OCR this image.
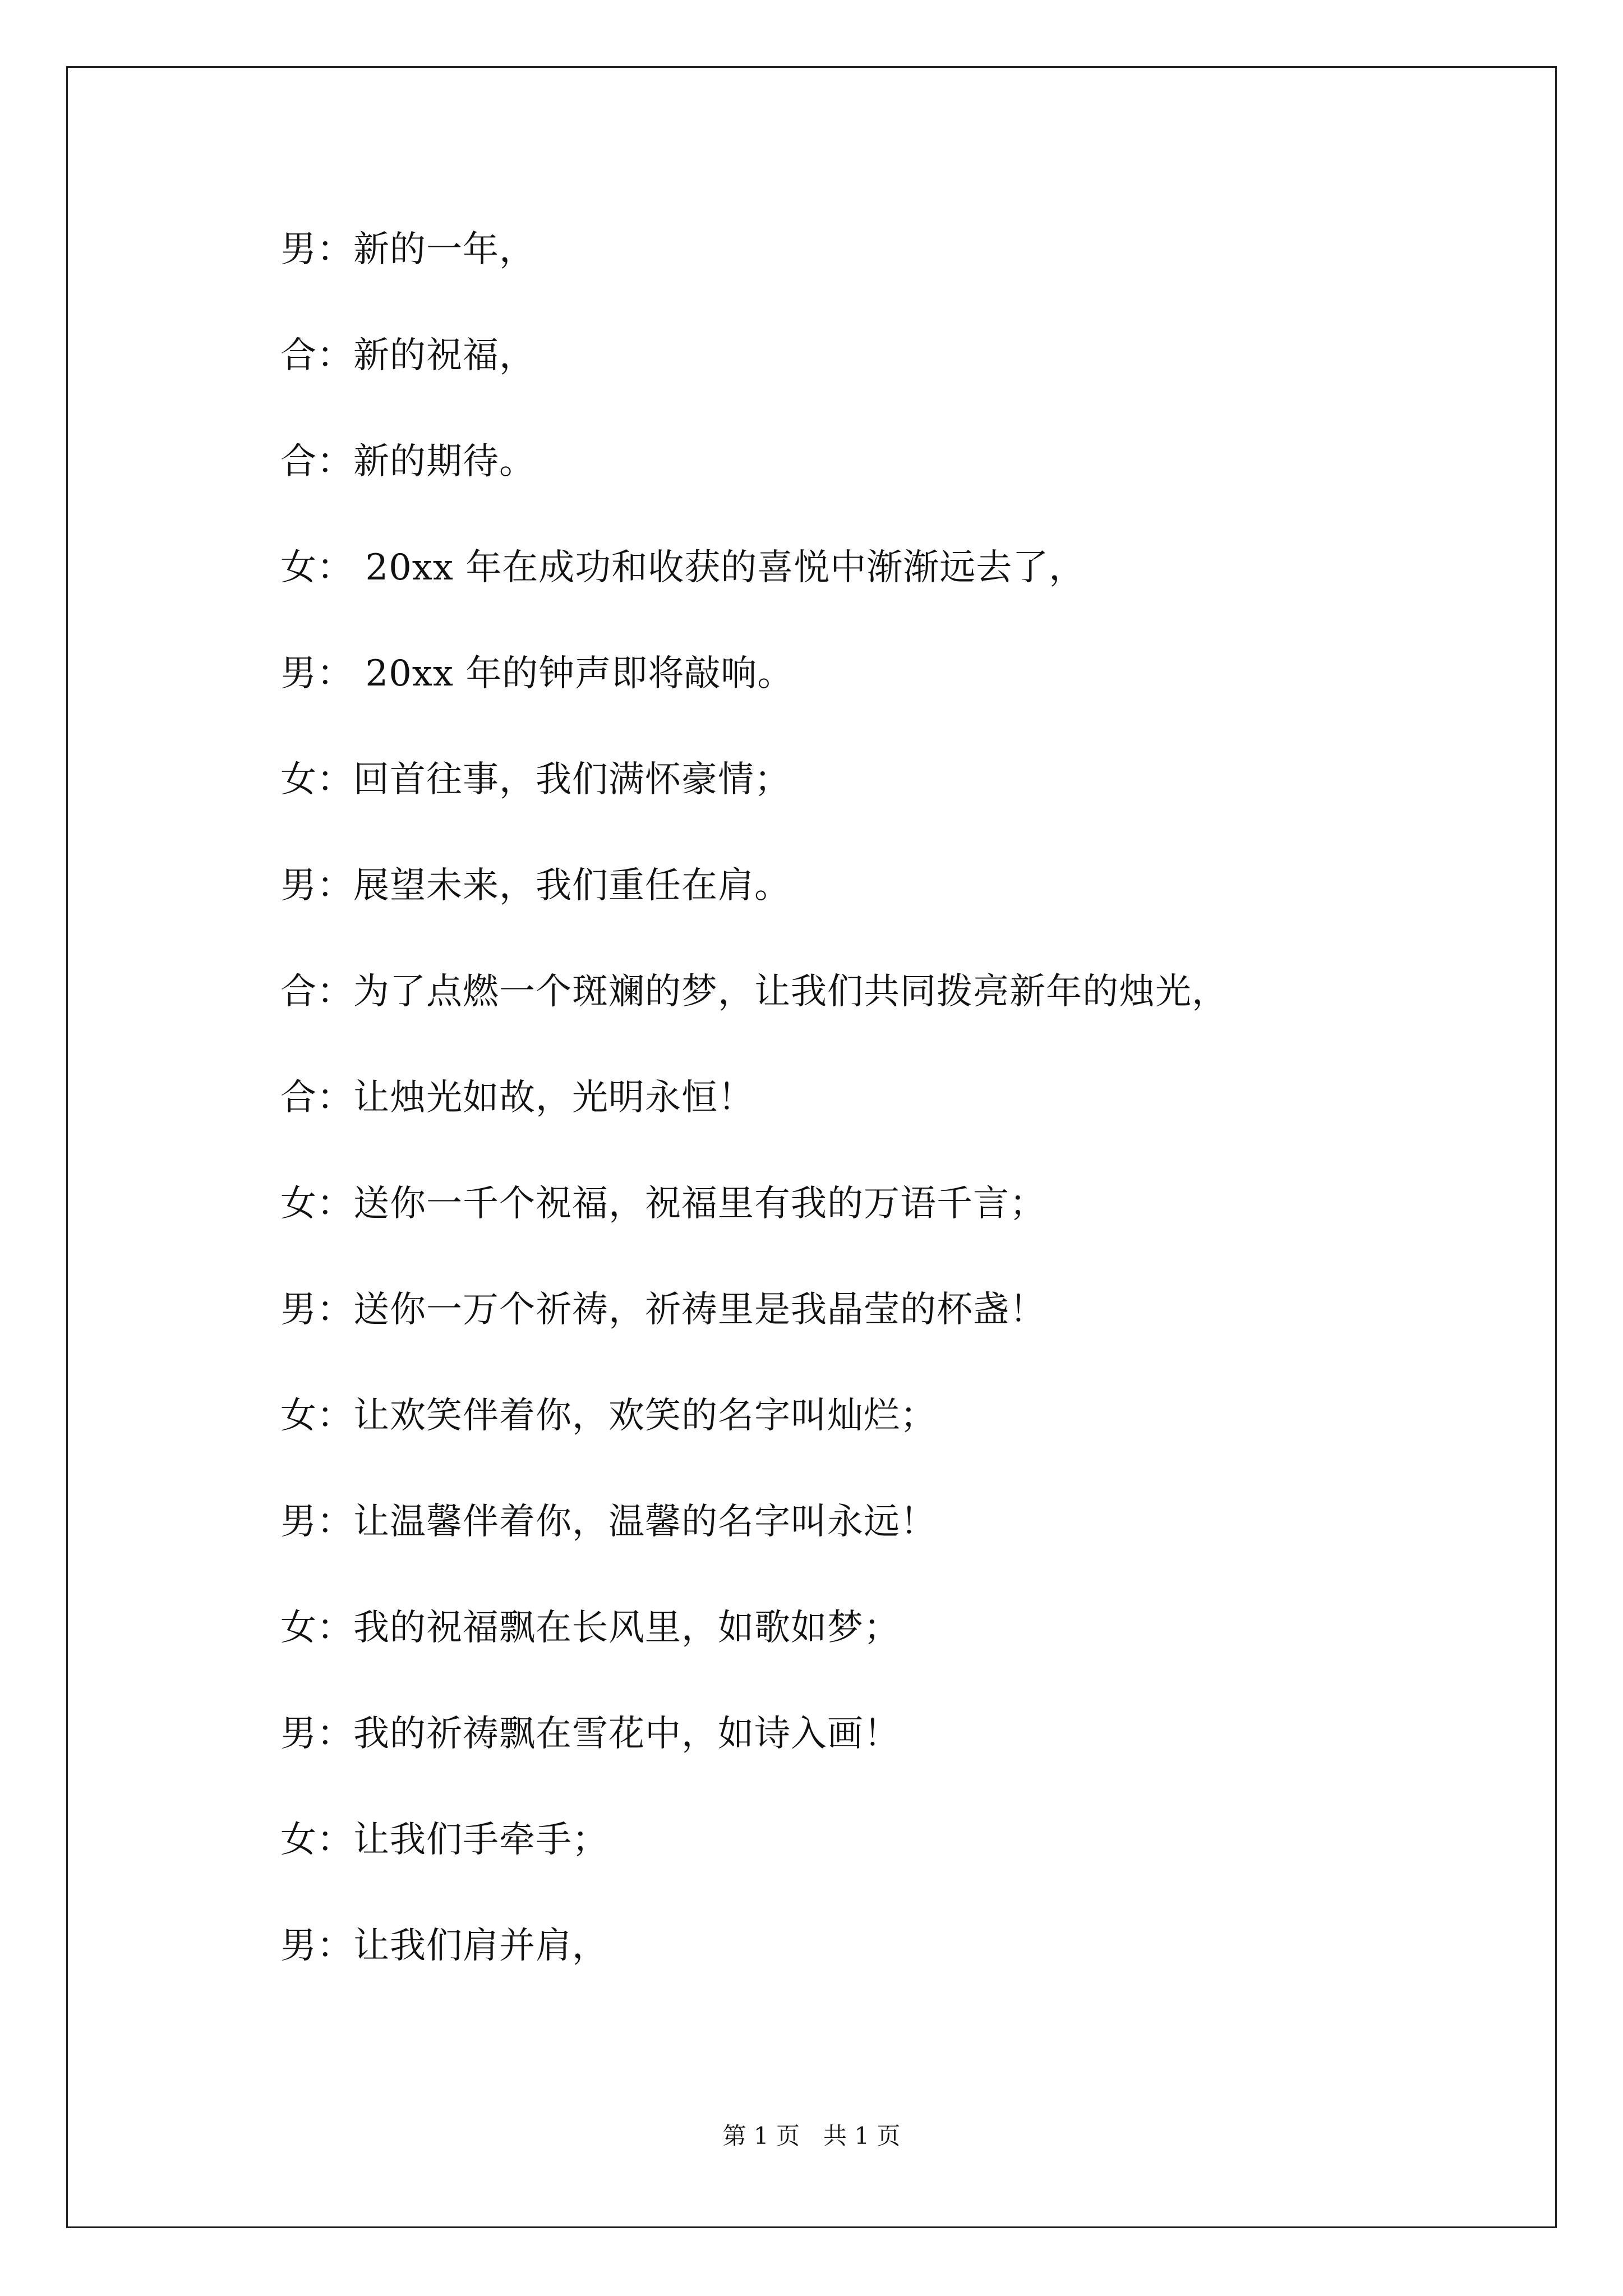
男：新的一年，
合：新的祝福，
合：新的期待。
女： 20xx 年在成功和收获的喜悦中渐渐远去了，
男： 20xx 年的钟声即将敲响。
女：回首往事，我们满怀豪情；
男：展望未来，我们重任在肩。
合：为了点燃一个斑斓的梦，让我们共同拨亮新年的烛光，
合：让烛光如故，光明永恒！
女：送你一千个祝福，祝福里有我的万语千言；
男：送你一万个祈祷，祈祷里是我晶莹的杯盏！
女：让欢笑伴着你，欢笑的名字叫灿烂；
男：让温馨伴着你，温馨的名字叫永远！
女：我的祝福飘在长风里，如歌如梦；
男：我的祈祷飘在雪花中，如诗入画！
女：让我们手牵手；
男：让我们肩并肩，
第 1 页　共 1 页
